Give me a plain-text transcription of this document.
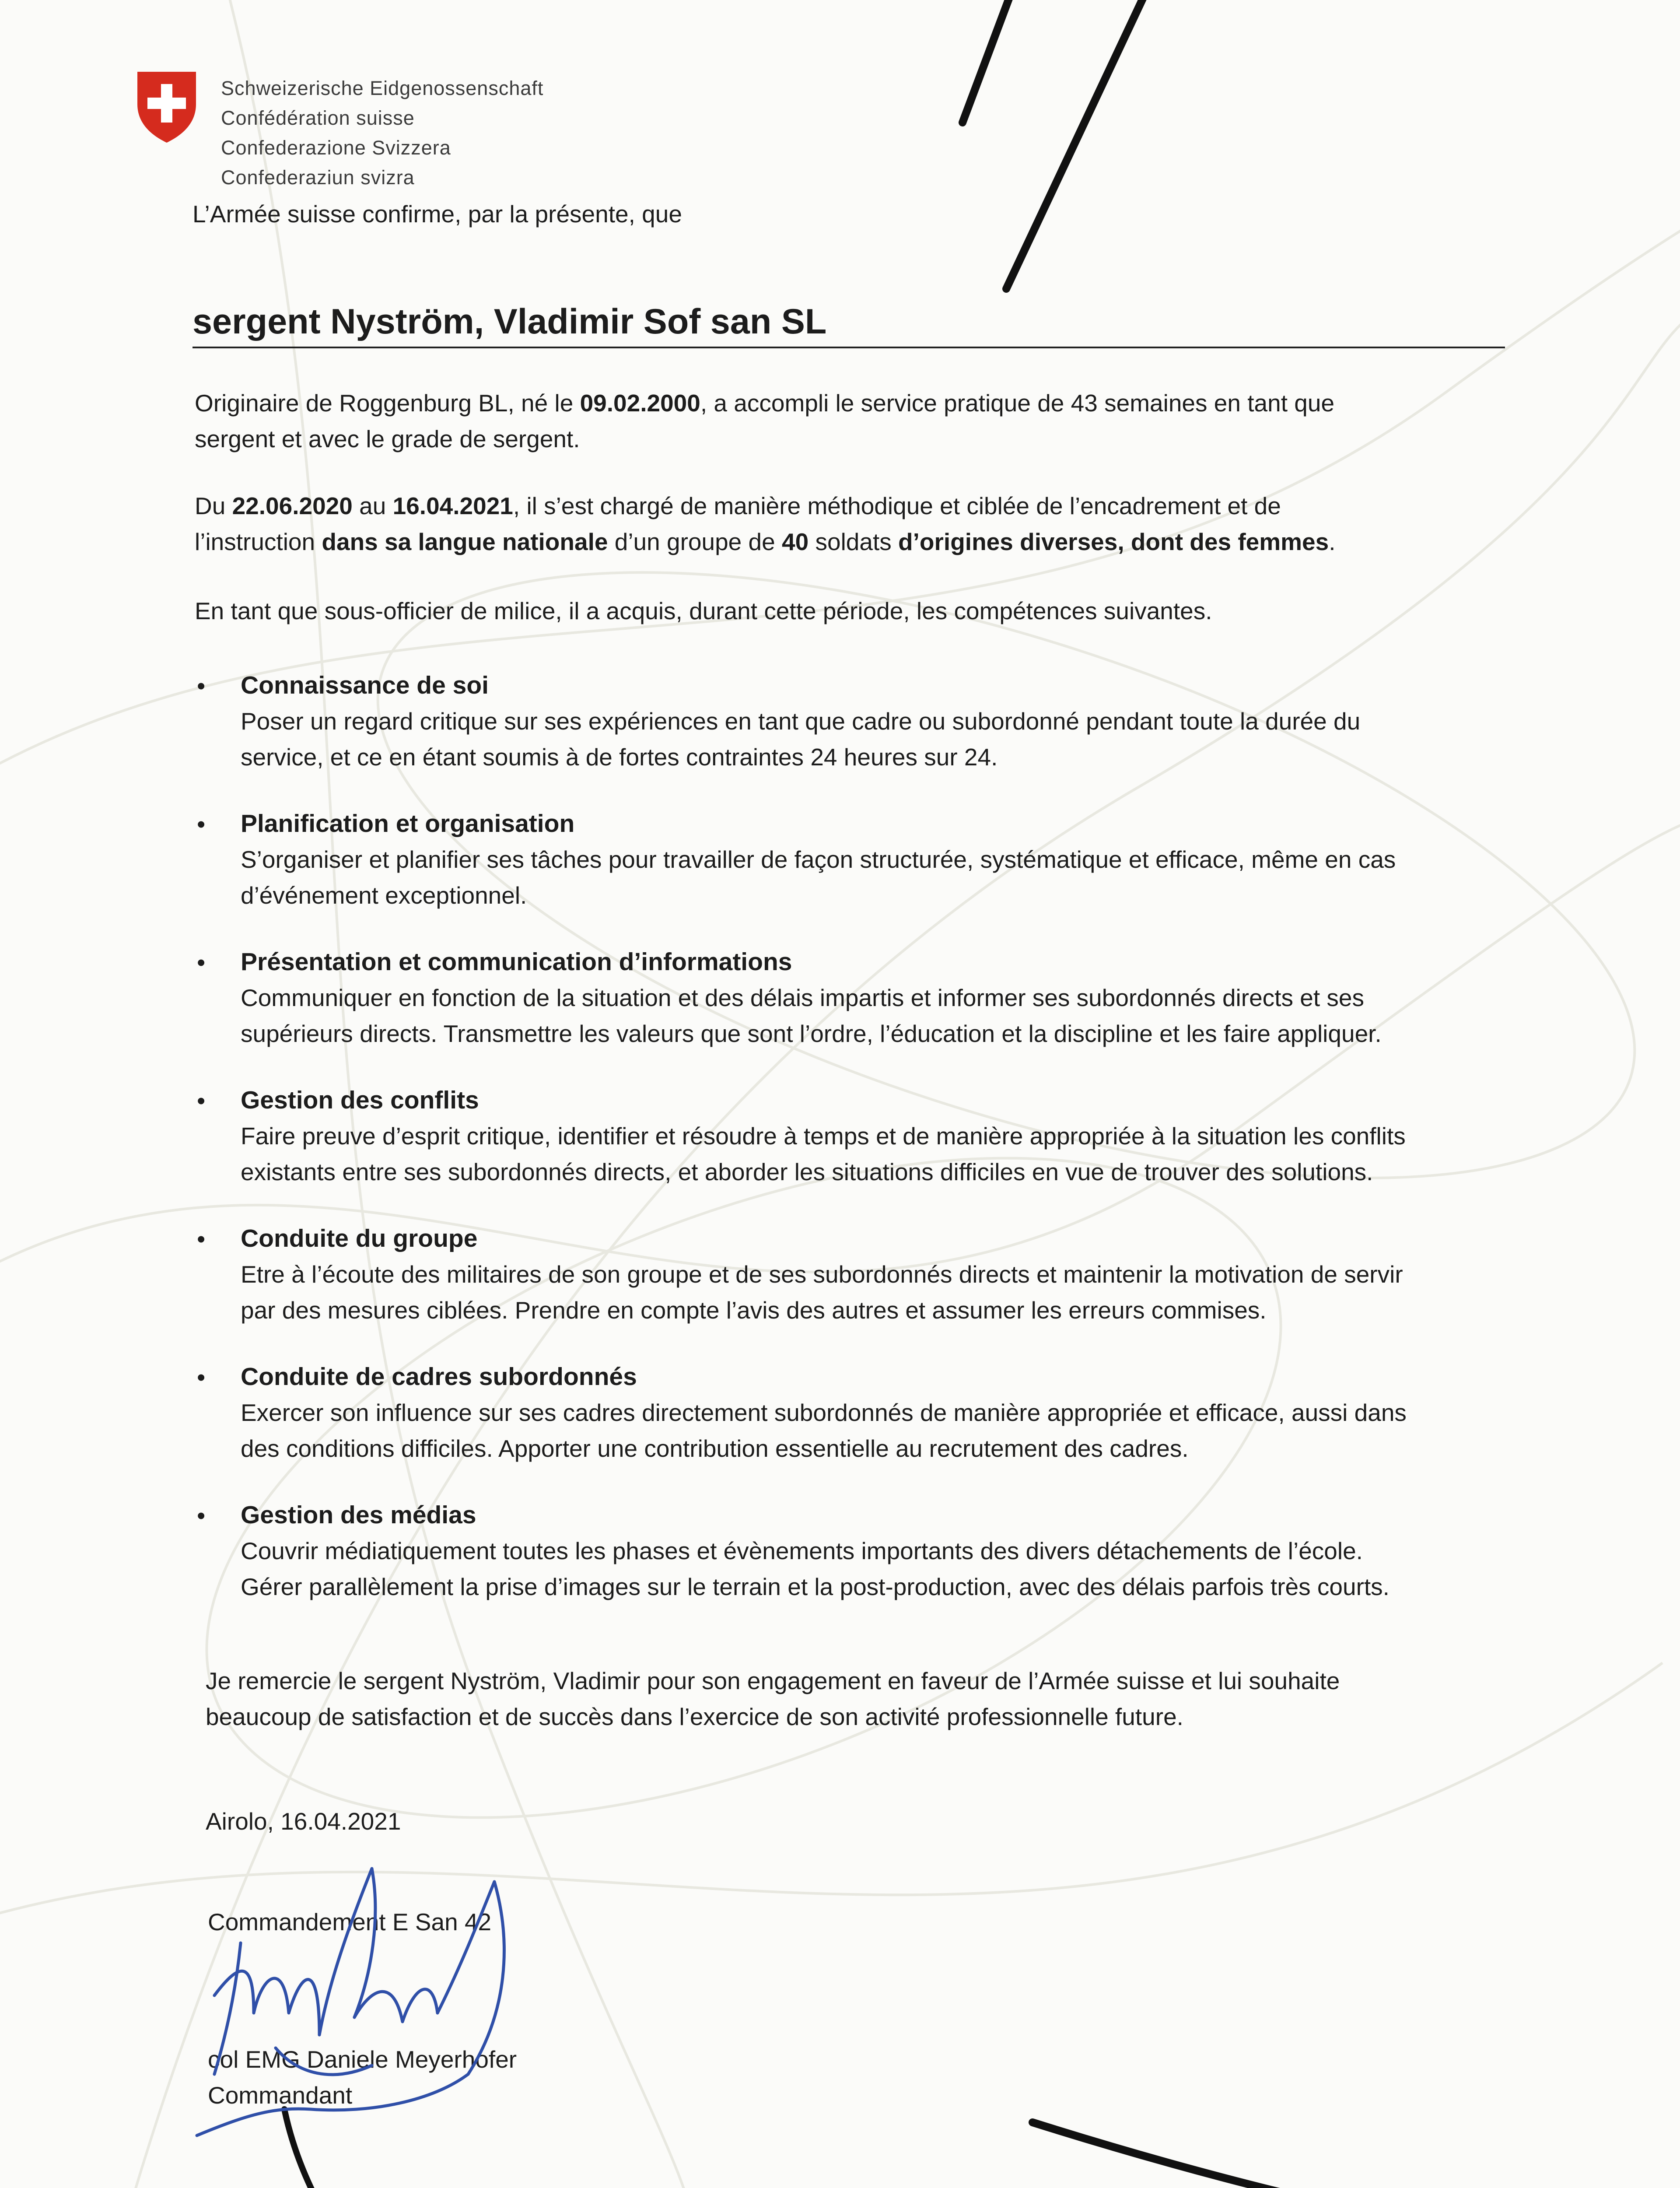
Schweizerische Eidgenossenschaft
Confédération suisse
Confederazione Svizzera
Confederaziun svizra
L’Armée suisse confirme, par la présente, que
sergent Nyström, Vladimir Sof san SL
Originaire de Roggenburg BL, né le 09.02.2000, a accompli le service pratique de 43 semaines en tant que
sergent et avec le grade de sergent.
Du 22.06.2020 au 16.04.2021, il s’est chargé de manière méthodique et ciblée de l’encadrement et de
l’instruction dans sa langue nationale d’un groupe de 40 soldats d’origines diverses, dont des femmes.
En tant que sous-officier de milice, il a acquis, durant cette période, les compétences suivantes.
• Connaissance de soi
Poser un regard critique sur ses expériences en tant que cadre ou subordonné pendant toute la durée du
service, et ce en étant soumis à de fortes contraintes 24 heures sur 24.
• Planification et organisation
S’organiser et planifier ses tâches pour travailler de façon structurée, systématique et efficace, même en cas
d’événement exceptionnel.
• Présentation et communication d’informations
Communiquer en fonction de la situation et des délais impartis et informer ses subordonnés directs et ses
supérieurs directs. Transmettre les valeurs que sont l’ordre, l’éducation et la discipline et les faire appliquer.
• Gestion des conflits
Faire preuve d’esprit critique, identifier et résoudre à temps et de manière appropriée à la situation les conflits
existants entre ses subordonnés directs, et aborder les situations difficiles en vue de trouver des solutions.
• Conduite du groupe
Etre à l’écoute des militaires de son groupe et de ses subordonnés directs et maintenir la motivation de servir
par des mesures ciblées. Prendre en compte l’avis des autres et assumer les erreurs commises.
• Conduite de cadres subordonnés
Exercer son influence sur ses cadres directement subordonnés de manière appropriée et efficace, aussi dans
des conditions difficiles. Apporter une contribution essentielle au recrutement des cadres.
• Gestion des médias
Couvrir médiatiquement toutes les phases et évènements importants des divers détachements de l’école.
Gérer parallèlement la prise d’images sur le terrain et la post-production, avec des délais parfois très courts.
Je remercie le sergent Nyström, Vladimir pour son engagement en faveur de l’Armée suisse et lui souhaite
beaucoup de satisfaction et de succès dans l’exercice de son activité professionnelle future.
Airolo, 16.04.2021
Commandement E San 42
col EMG Daniele Meyerhofer
Commandant
